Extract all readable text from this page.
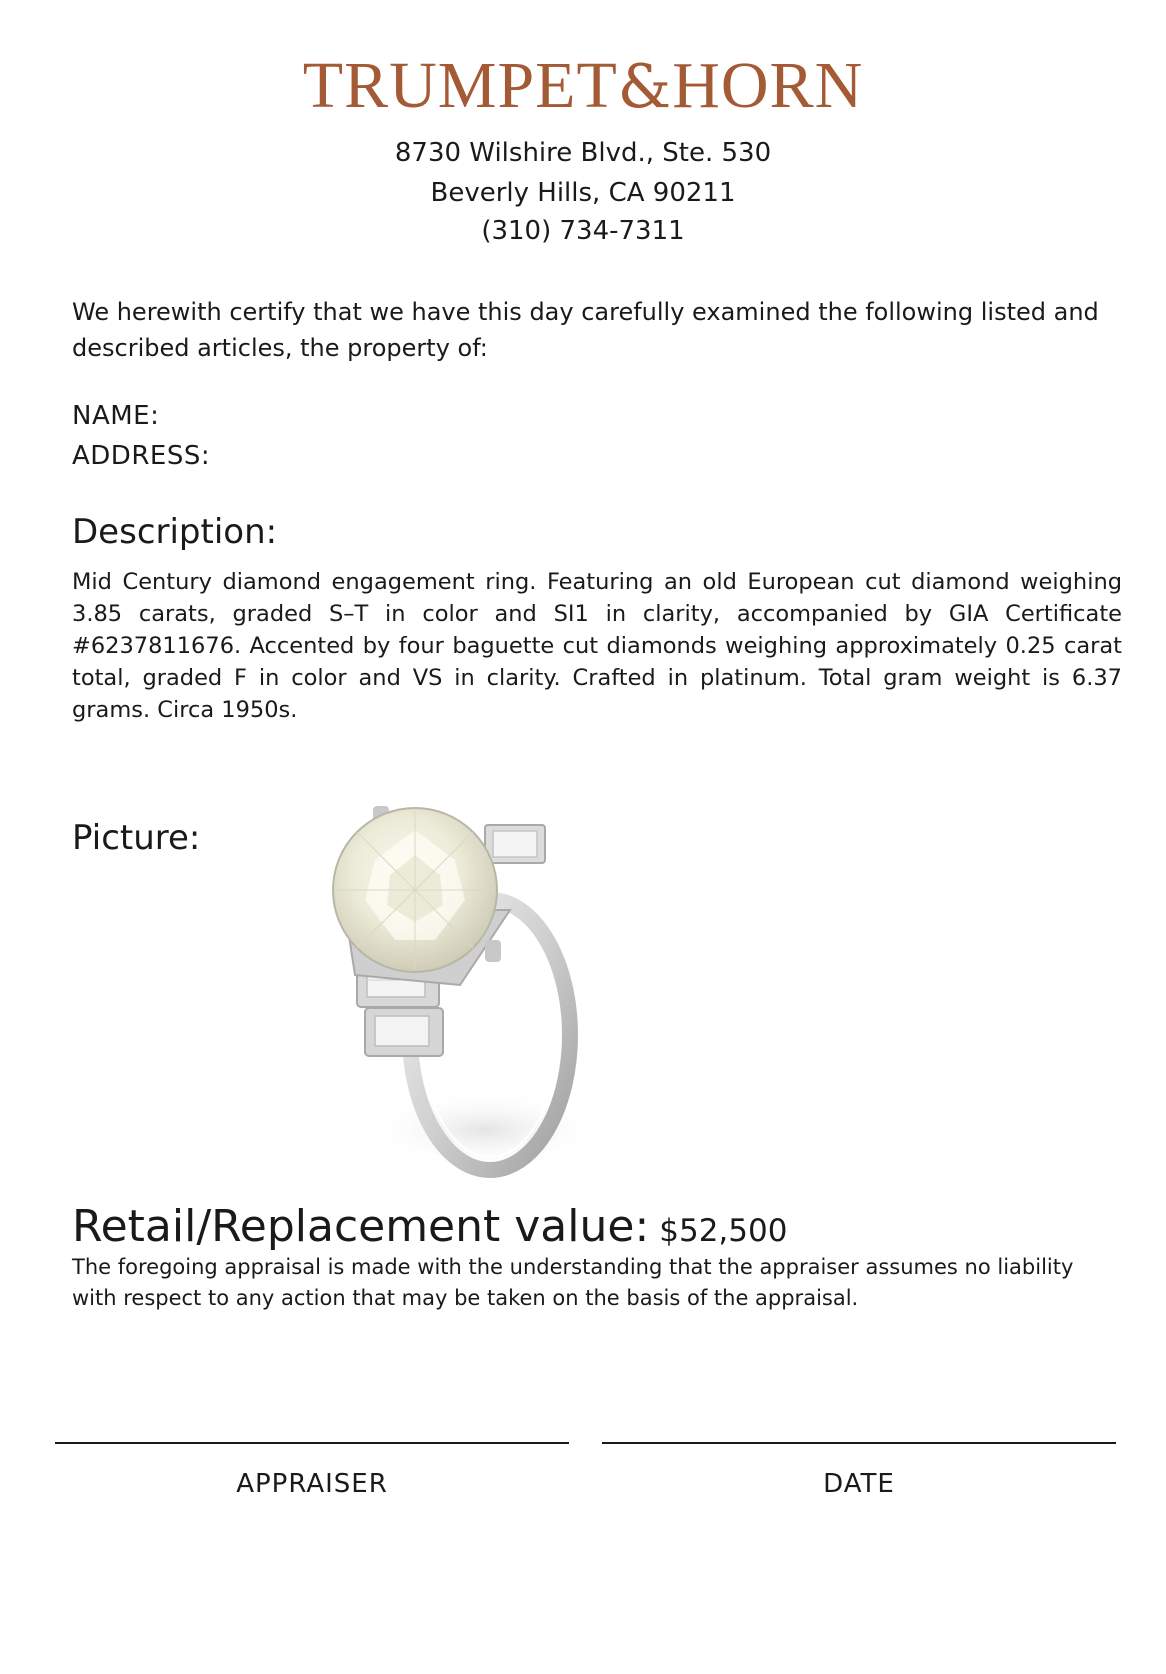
TRUMPET&HORN
8730 Wilshire Blvd., Ste. 530
Beverly Hills, CA 90211
(310) 734-7311
We herewith certify that we have this day carefully examined the following listed and described articles, the property of:
NAME:
ADDRESS:
Description:
Mid Century diamond engagement ring. Featuring an old European cut diamond weighing 3.85 carats, graded S–T in color and SI1 in clarity, accompanied by GIA Certificate #6237811676. Accented by four baguette cut diamonds weighing approximately 0.25 carat total, graded F in color and VS in clarity. Crafted in platinum. Total gram weight is 6.37 grams. Circa 1950s.
Picture:
Retail/Replacement value: $52,500
The foregoing appraisal is made with the understanding that the appraiser assumes no liability with respect to any action that may be taken on the basis of the appraisal.
APPRAISER	DATE
